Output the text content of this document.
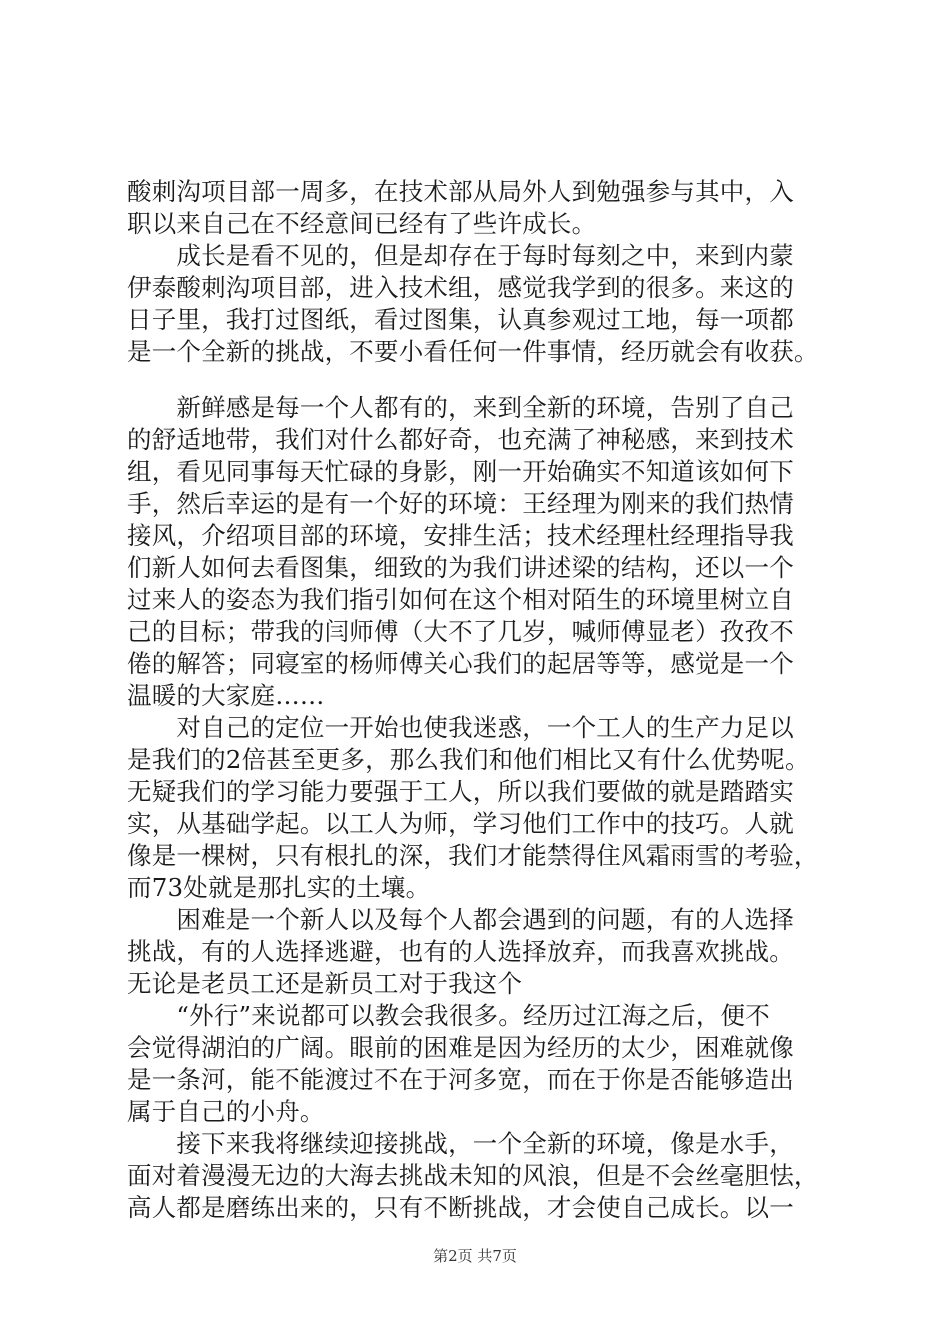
酸刺沟项目部一周多，在技术部从局外人到勉强参与其中，入
职以来自己在不经意间已经有了些许成长。
　　成长是看不见的，但是却存在于每时每刻之中，来到内蒙
伊泰酸刺沟项目部，进入技术组，感觉我学到的很多。来这的
日子里，我打过图纸，看过图集，认真参观过工地，每一项都
是一个全新的挑战，不要小看任何一件事情，经历就会有收获。
　　新鲜感是每一个人都有的，来到全新的环境，告别了自己
的舒适地带，我们对什么都好奇，也充满了神秘感，来到技术
组，看见同事每天忙碌的身影，刚一开始确实不知道该如何下
手，然后幸运的是有一个好的环境：王经理为刚来的我们热情
接风，介绍项目部的环境，安排生活；技术经理杜经理指导我
们新人如何去看图集，细致的为我们讲述梁的结构，还以一个
过来人的姿态为我们指引如何在这个相对陌生的环境里树立自
己的目标；带我的闫师傅（大不了几岁，喊师傅显老）孜孜不
倦的解答；同寝室的杨师傅关心我们的起居等等，感觉是一个
温暖的大家庭……
　　对自己的定位一开始也使我迷惑，一个工人的生产力足以
是我们的2倍甚至更多，那么我们和他们相比又有什么优势呢。
无疑我们的学习能力要强于工人，所以我们要做的就是踏踏实
实，从基础学起。以工人为师，学习他们工作中的技巧。人就
像是一棵树，只有根扎的深，我们才能禁得住风霜雨雪的考验，
而73处就是那扎实的土壤。
　　困难是一个新人以及每个人都会遇到的问题，有的人选择
挑战，有的人选择逃避，也有的人选择放弃，而我喜欢挑战。
无论是老员工还是新员工对于我这个
　　“外行”来说都可以教会我很多。经历过江海之后，便不
会觉得湖泊的广阔。眼前的困难是因为经历的太少，困难就像
是一条河，能不能渡过不在于河多宽，而在于你是否能够造出
属于自己的小舟。
　　接下来我将继续迎接挑战，一个全新的环境，像是水手，
面对着漫漫无边的大海去挑战未知的风浪，但是不会丝毫胆怯，
高人都是磨练出来的，只有不断挑战，才会使自己成长。以一
第2页 共7页
